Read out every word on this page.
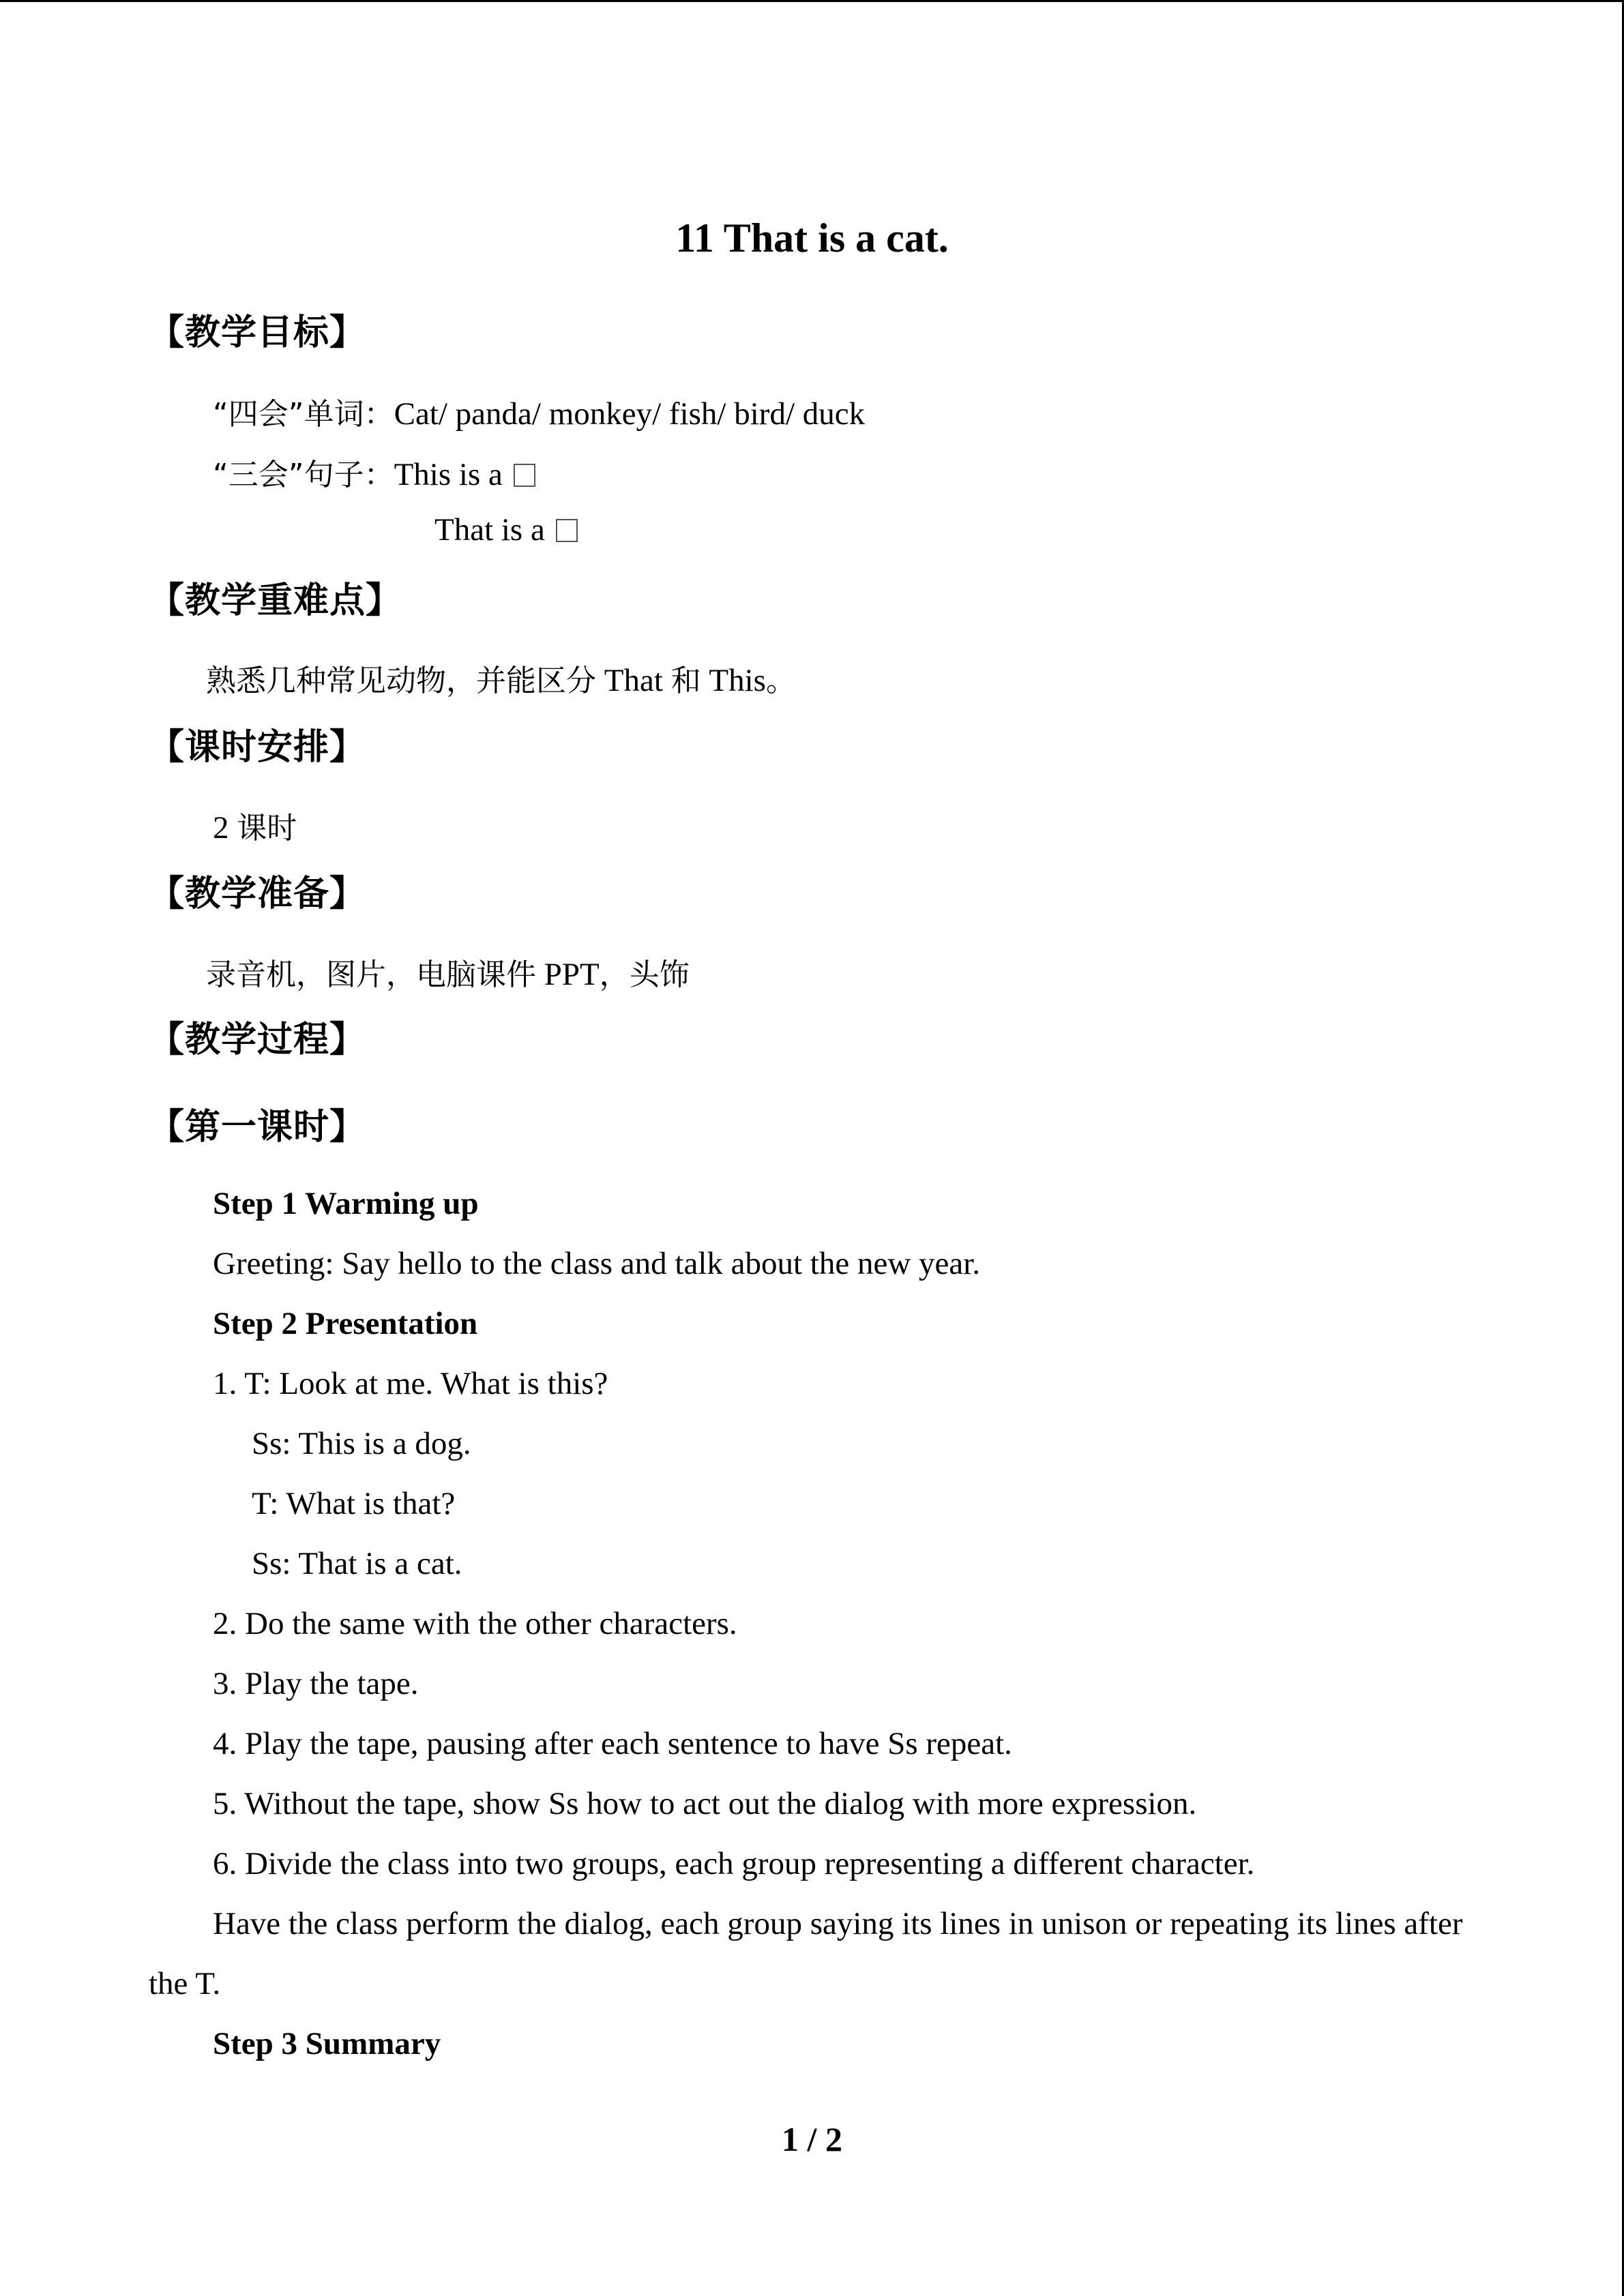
11 That is a cat.
【教学目标】
“四会”单词：Cat/ panda/ monkey/ fish/ bird/ duck
“三会”句子：This is a
That is a
【教学重难点】
熟悉几种常见动物，并能区分 That 和 This。
【课时安排】
2 课时
【教学准备】
录音机，图片，电脑课件 PPT，头饰
【教学过程】
【第一课时】
Step 1 Warming up
Greeting: Say hello to the class and talk about the new year.
Step 2 Presentation
1. T: Look at me. What is this?
Ss: This is a dog.
T: What is that?
Ss: That is a cat.
2. Do the same with the other characters.
3. Play the tape.
4. Play the tape, pausing after each sentence to have Ss repeat.
5. Without the tape, show Ss how to act out the dialog with more expression.
6. Divide the class into two groups, each group representing a different character.
Have the class perform the dialog, each group saying its lines in unison or repeating its lines after
the T.
Step 3 Summary
1 / 2
